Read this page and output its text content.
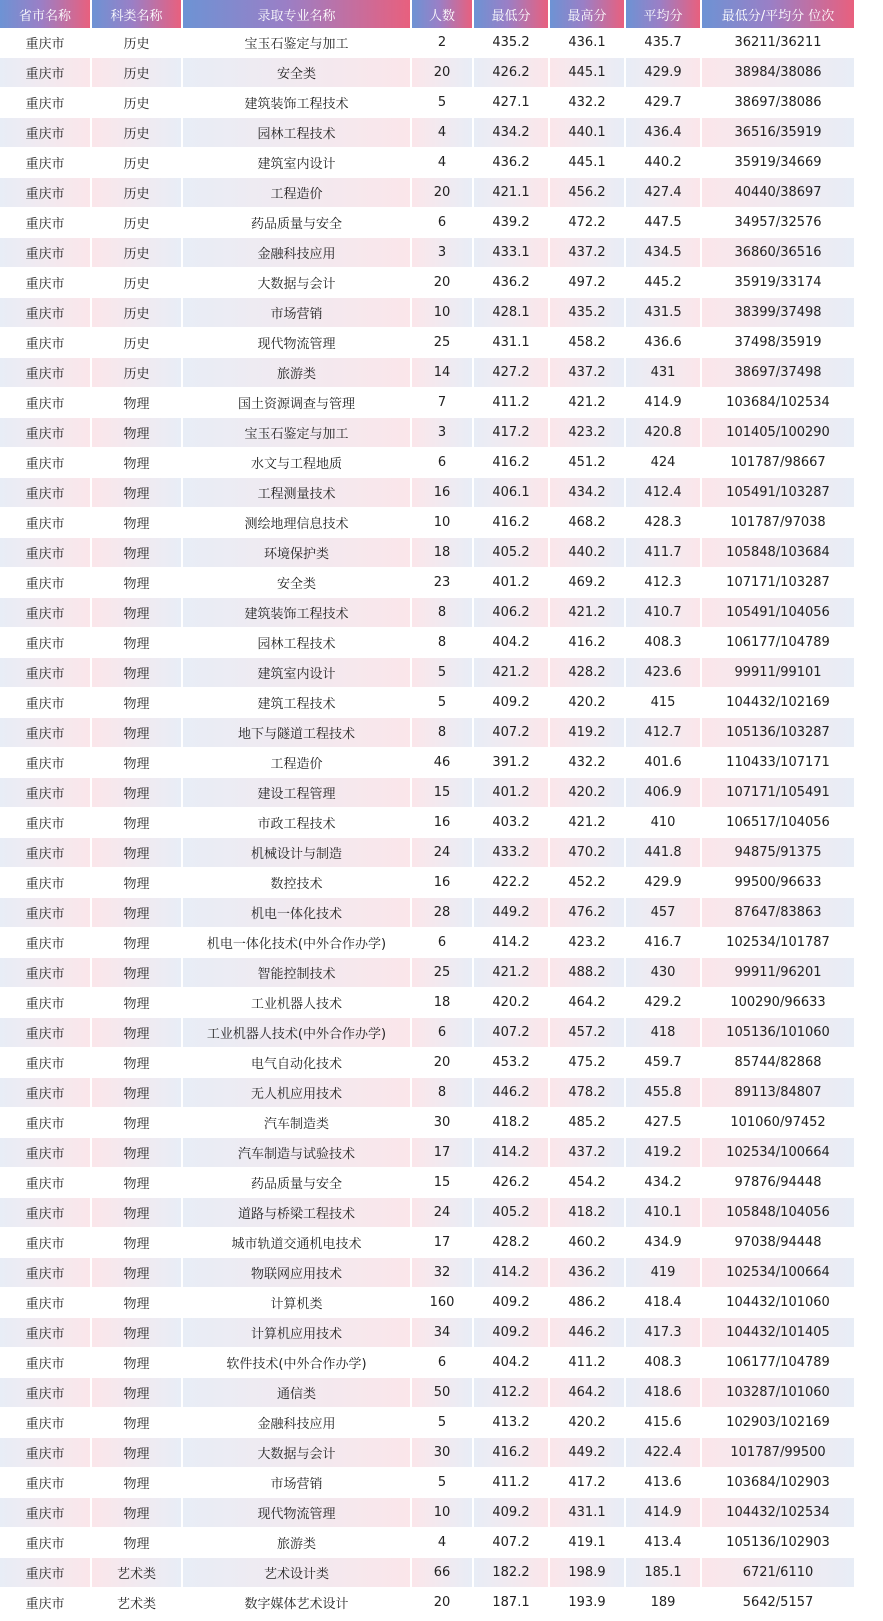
省市名称	科类名称	录取专业名称	人数	最低分	最高分	平均分	最低分/平均分 位次
重庆市	历史	宝玉石鉴定与加工	2	435.2	436.1	435.7	36211/36211
重庆市	历史	安全类	20	426.2	445.1	429.9	38984/38086
重庆市	历史	建筑装饰工程技术	5	427.1	432.2	429.7	38697/38086
重庆市	历史	园林工程技术	4	434.2	440.1	436.4	36516/35919
重庆市	历史	建筑室内设计	4	436.2	445.1	440.2	35919/34669
重庆市	历史	工程造价	20	421.1	456.2	427.4	40440/38697
重庆市	历史	药品质量与安全	6	439.2	472.2	447.5	34957/32576
重庆市	历史	金融科技应用	3	433.1	437.2	434.5	36860/36516
重庆市	历史	大数据与会计	20	436.2	497.2	445.2	35919/33174
重庆市	历史	市场营销	10	428.1	435.2	431.5	38399/37498
重庆市	历史	现代物流管理	25	431.1	458.2	436.6	37498/35919
重庆市	历史	旅游类	14	427.2	437.2	431	38697/37498
重庆市	物理	国土资源调查与管理	7	411.2	421.2	414.9	103684/102534
重庆市	物理	宝玉石鉴定与加工	3	417.2	423.2	420.8	101405/100290
重庆市	物理	水文与工程地质	6	416.2	451.2	424	101787/98667
重庆市	物理	工程测量技术	16	406.1	434.2	412.4	105491/103287
重庆市	物理	测绘地理信息技术	10	416.2	468.2	428.3	101787/97038
重庆市	物理	环境保护类	18	405.2	440.2	411.7	105848/103684
重庆市	物理	安全类	23	401.2	469.2	412.3	107171/103287
重庆市	物理	建筑装饰工程技术	8	406.2	421.2	410.7	105491/104056
重庆市	物理	园林工程技术	8	404.2	416.2	408.3	106177/104789
重庆市	物理	建筑室内设计	5	421.2	428.2	423.6	99911/99101
重庆市	物理	建筑工程技术	5	409.2	420.2	415	104432/102169
重庆市	物理	地下与隧道工程技术	8	407.2	419.2	412.7	105136/103287
重庆市	物理	工程造价	46	391.2	432.2	401.6	110433/107171
重庆市	物理	建设工程管理	15	401.2	420.2	406.9	107171/105491
重庆市	物理	市政工程技术	16	403.2	421.2	410	106517/104056
重庆市	物理	机械设计与制造	24	433.2	470.2	441.8	94875/91375
重庆市	物理	数控技术	16	422.2	452.2	429.9	99500/96633
重庆市	物理	机电一体化技术	28	449.2	476.2	457	87647/83863
重庆市	物理	机电一体化技术(中外合作办学)	6	414.2	423.2	416.7	102534/101787
重庆市	物理	智能控制技术	25	421.2	488.2	430	99911/96201
重庆市	物理	工业机器人技术	18	420.2	464.2	429.2	100290/96633
重庆市	物理	工业机器人技术(中外合作办学)	6	407.2	457.2	418	105136/101060
重庆市	物理	电气自动化技术	20	453.2	475.2	459.7	85744/82868
重庆市	物理	无人机应用技术	8	446.2	478.2	455.8	89113/84807
重庆市	物理	汽车制造类	30	418.2	485.2	427.5	101060/97452
重庆市	物理	汽车制造与试验技术	17	414.2	437.2	419.2	102534/100664
重庆市	物理	药品质量与安全	15	426.2	454.2	434.2	97876/94448
重庆市	物理	道路与桥梁工程技术	24	405.2	418.2	410.1	105848/104056
重庆市	物理	城市轨道交通机电技术	17	428.2	460.2	434.9	97038/94448
重庆市	物理	物联网应用技术	32	414.2	436.2	419	102534/100664
重庆市	物理	计算机类	160	409.2	486.2	418.4	104432/101060
重庆市	物理	计算机应用技术	34	409.2	446.2	417.3	104432/101405
重庆市	物理	软件技术(中外合作办学)	6	404.2	411.2	408.3	106177/104789
重庆市	物理	通信类	50	412.2	464.2	418.6	103287/101060
重庆市	物理	金融科技应用	5	413.2	420.2	415.6	102903/102169
重庆市	物理	大数据与会计	30	416.2	449.2	422.4	101787/99500
重庆市	物理	市场营销	5	411.2	417.2	413.6	103684/102903
重庆市	物理	现代物流管理	10	409.2	431.1	414.9	104432/102534
重庆市	物理	旅游类	4	407.2	419.1	413.4	105136/102903
重庆市	艺术类	艺术设计类	66	182.2	198.9	185.1	6721/6110
重庆市	艺术类	数字媒体艺术设计	20	187.1	193.9	189	5642/5157
